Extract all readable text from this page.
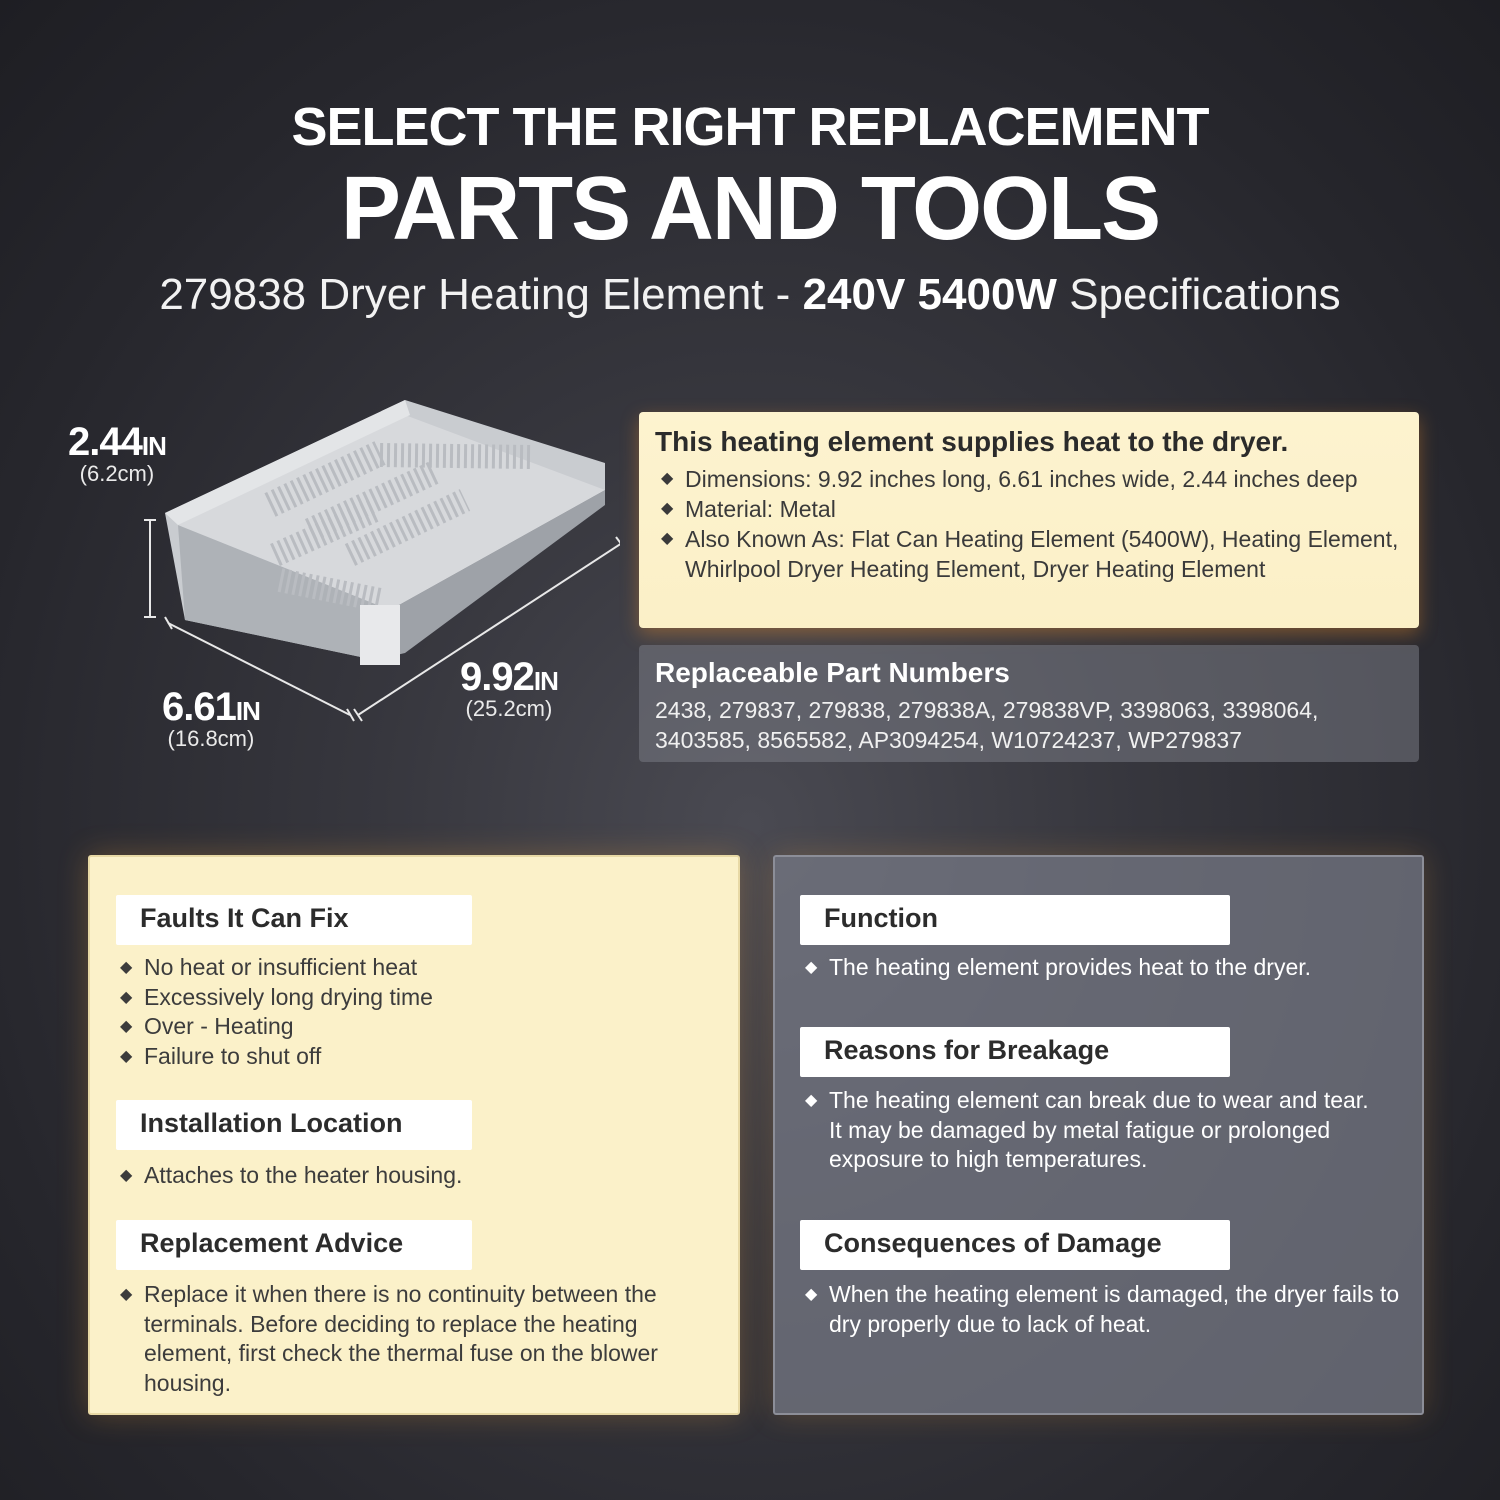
SELECT THE RIGHT REPLACEMENT
PARTS AND TOOLS
279838 Dryer Heating Element - 240V 5400W Specifications
2.44IN
(6.2cm)
6.61IN
(16.8cm)
9.92IN
(25.2cm)
This heating element supplies heat to the dryer.
◆ Dimensions: 9.92 inches long, 6.61 inches wide, 2.44 inches deep
◆ Material: Metal
◆ Also Known As: Flat Can Heating Element (5400W), Heating Element, Whirlpool Dryer Heating Element, Dryer Heating Element
Replaceable Part Numbers
2438, 279837, 279838, 279838A, 279838VP, 3398063, 3398064, 3403585, 8565582, AP3094254, W10724237, WP279837
Faults It Can Fix
◆ No heat or insufficient heat
◆ Excessively long drying time
◆ Over - Heating
◆ Failure to shut off
Installation Location
◆ Attaches to the heater housing.
Replacement Advice
◆ Replace it when there is no continuity between the terminals. Before deciding to replace the heating element, first check the thermal fuse on the blower housing.
Function
◆ The heating element provides heat to the dryer.
Reasons for Breakage
◆ The heating element can break due to wear and tear. It may be damaged by metal fatigue or prolonged exposure to high temperatures.
Consequences of Damage
◆ When the heating element is damaged, the dryer fails to dry properly due to lack of heat.
